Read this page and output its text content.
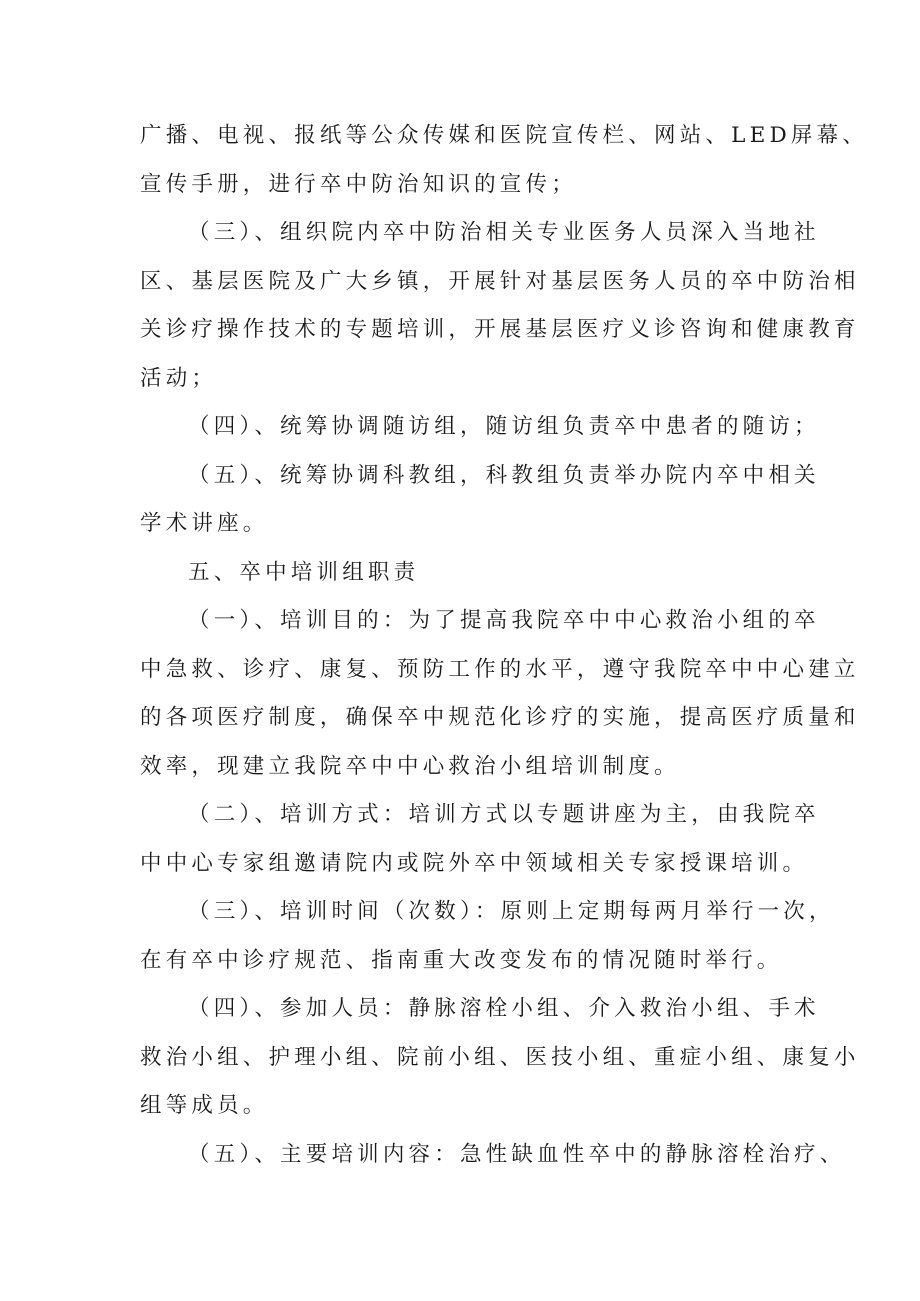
广播、电视、报纸等公众传媒和医院宣传栏、网站、LED屏幕、
宣传手册，进行卒中防治知识的宣传；
（三）、组织院内卒中防治相关专业医务人员深入当地社
区、基层医院及广大乡镇，开展针对基层医务人员的卒中防治相
关诊疗操作技术的专题培训，开展基层医疗义诊咨询和健康教育
活动；
（四）、统筹协调随访组，随访组负责卒中患者的随访；
（五）、统筹协调科教组，科教组负责举办院内卒中相关
学术讲座。
五、卒中培训组职责
（一）、培训目的：为了提高我院卒中中心救治小组的卒
中急救、诊疗、康复、预防工作的水平，遵守我院卒中中心建立
的各项医疗制度，确保卒中规范化诊疗的实施，提高医疗质量和
效率，现建立我院卒中中心救治小组培训制度。
（二）、培训方式：培训方式以专题讲座为主，由我院卒
中中心专家组邀请院内或院外卒中领域相关专家授课培训。
（三）、培训时间（次数）：原则上定期每两月举行一次，
在有卒中诊疗规范、指南重大改变发布的情况随时举行。
（四）、参加人员：静脉溶栓小组、介入救治小组、手术
救治小组、护理小组、院前小组、医技小组、重症小组、康复小
组等成员。
（五）、主要培训内容：急性缺血性卒中的静脉溶栓治疗、
